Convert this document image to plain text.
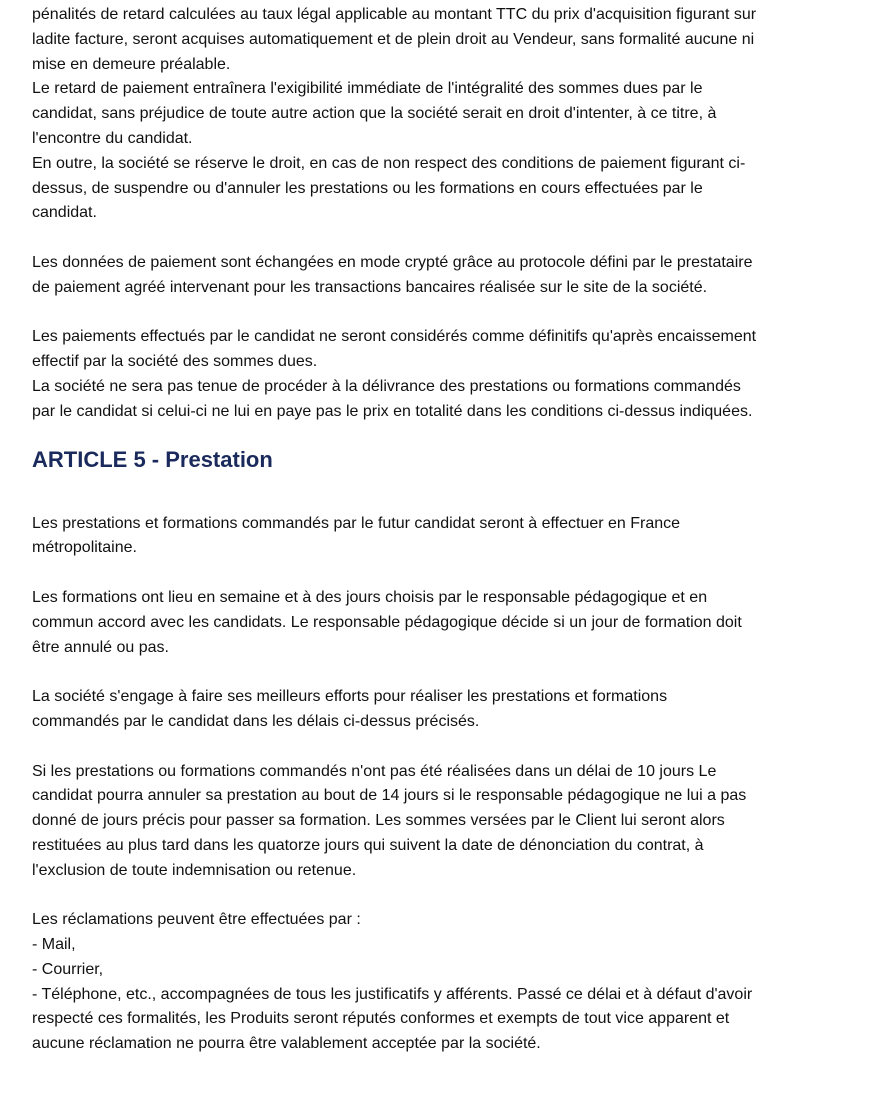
pénalités de retard calculées au taux légal applicable au montant TTC du prix d'acquisition figurant sur
ladite facture, seront acquises automatiquement et de plein droit au Vendeur, sans formalité aucune ni
mise en demeure préalable.
Le retard de paiement entraînera l'exigibilité immédiate de l'intégralité des sommes dues par le
candidat, sans préjudice de toute autre action que la société serait en droit d'intenter, à ce titre, à
l'encontre du candidat.
En outre, la société se réserve le droit, en cas de non respect des conditions de paiement figurant ci-
dessus, de suspendre ou d'annuler les prestations ou les formations en cours effectuées par le
candidat.
Les données de paiement sont échangées en mode crypté grâce au protocole défini par le prestataire
de paiement agréé intervenant pour les transactions bancaires réalisée sur le site de la société.
Les paiements effectués par le candidat ne seront considérés comme définitifs qu'après encaissement
effectif par la société des sommes dues.
La société ne sera pas tenue de procéder à la délivrance des prestations ou formations commandés
par le candidat si celui-ci ne lui en paye pas le prix en totalité dans les conditions ci-dessus indiquées.
ARTICLE 5 - Prestation
Les prestations et formations commandés par le futur candidat seront à effectuer en France
métropolitaine.
Les formations ont lieu en semaine et à des jours choisis par le responsable pédagogique et en
commun accord avec les candidats. Le responsable pédagogique décide si un jour de formation doit
être annulé ou pas.
La société s'engage à faire ses meilleurs efforts pour réaliser les prestations et formations
commandés par le candidat dans les délais ci-dessus précisés.
Si les prestations ou formations commandés n'ont pas été réalisées dans un délai de 10 jours Le
candidat pourra annuler sa prestation au bout de 14 jours si le responsable pédagogique ne lui a pas
donné de jours précis pour passer sa formation. Les sommes versées par le Client lui seront alors
restituées au plus tard dans les quatorze jours qui suivent la date de dénonciation du contrat, à
l'exclusion de toute indemnisation ou retenue.
Les réclamations peuvent être effectuées par :
- Mail,
- Courrier,
- Téléphone, etc., accompagnées de tous les justificatifs y afférents. Passé ce délai et à défaut d'avoir
respecté ces formalités, les Produits seront réputés conformes et exempts de tout vice apparent et
aucune réclamation ne pourra être valablement acceptée par la société.
